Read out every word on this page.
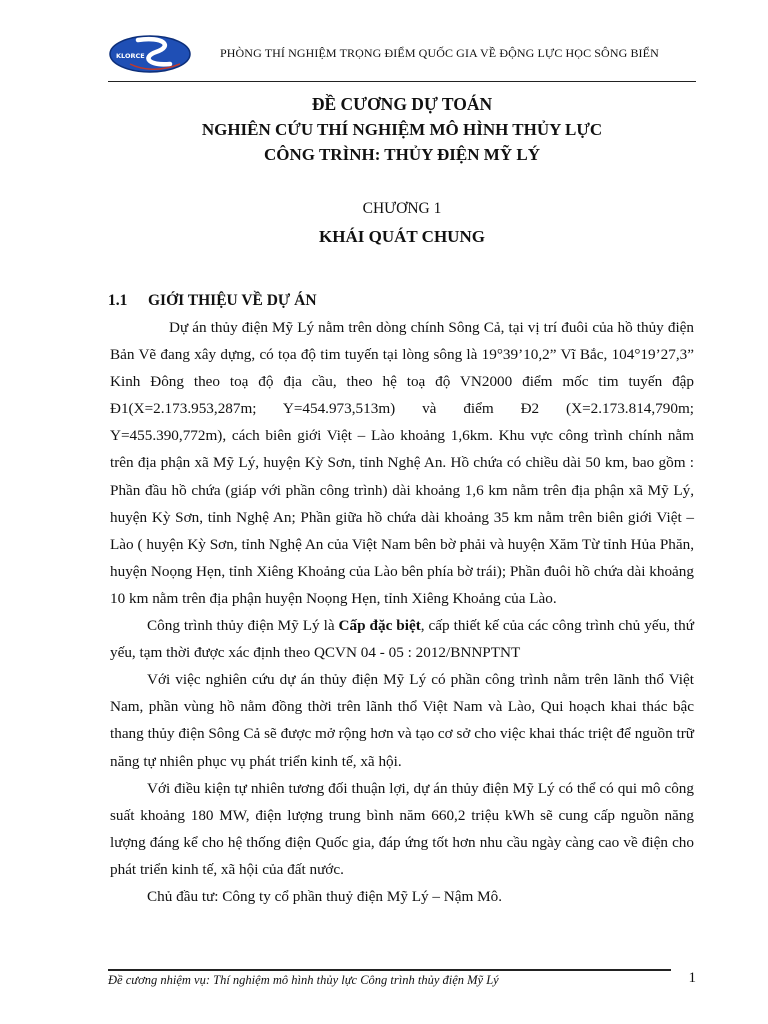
KLORCE	PHÒNG THÍ NGHIỆM TRỌNG ĐIỂM QUỐC GIA VỀ ĐỘNG LỰC HỌC SÔNG BIỂN
ĐỀ CƯƠNG DỰ TOÁN
NGHIÊN CỨU THÍ NGHIỆM MÔ HÌNH THỦY LỰC
CÔNG TRÌNH: THỦY ĐIỆN MỸ LÝ
CHƯƠNG 1
KHÁI QUÁT CHUNG
1.1 GIỚI THIỆU VỀ DỰ ÁN

Dự án thủy điện Mỹ Lý nằm trên dòng chính Sông Cả, tại vị trí đuôi của hồ thủy điện Bản Vẽ đang xây dựng, có tọa độ tim tuyến tại lòng sông là 19°39’10,2” Vĩ Bắc, 104°19’27,3” Kinh Đông theo toạ độ địa cầu, theo hệ toạ độ VN2000 điểm mốc tim tuyến đập Đ1(X=2.173.953,287m; Y=454.973,513m) và điểm Đ2 (X=2.173.814,790m; Y=455.390,772m), cách biên giới Việt – Lào khoảng 1,6km. Khu vực công trình chính nằm trên địa phận xã Mỹ Lý, huyện Kỳ Sơn, tỉnh Nghệ An. Hồ chứa có chiều dài 50 km, bao gồm : Phần đầu hồ chứa (giáp với phần công trình) dài khoảng 1,6 km nằm trên địa phận xã Mỹ Lý, huyện Kỳ Sơn, tỉnh Nghệ An; Phần giữa hồ chứa dài khoảng 35 km nằm trên biên giới Việt – Lào ( huyện Kỳ Sơn, tỉnh Nghệ An của Việt Nam bên bờ phải và huyện Xăm Từ tỉnh Hủa Phăn, huyện Noọng Hẹn, tỉnh Xiêng Khoảng của Lào bên phía bờ trái); Phần đuôi hồ chứa dài khoảng 10 km nằm trên địa phận huyện Noọng Hẹn, tỉnh Xiêng Khoảng của Lào.

Công trình thủy điện Mỹ Lý là Cấp đặc biệt, cấp thiết kế của các công trình chủ yếu, thứ yếu, tạm thời được xác định theo QCVN 04 - 05 : 2012/BNNPTNT

Với việc nghiên cứu dự án thủy điện Mỹ Lý có phần công trình nằm trên lãnh thổ Việt Nam, phần vùng hồ nằm đồng thời trên lãnh thổ Việt Nam và Lào, Qui hoạch khai thác bậc thang thủy điện Sông Cả sẽ được mở rộng hơn và tạo cơ sở cho việc khai thác triệt để nguồn trữ năng tự nhiên phục vụ phát triển kinh tế, xã hội.

Với điều kiện tự nhiên tương đối thuận lợi, dự án thủy điện Mỹ Lý có thể có qui mô công suất khoảng 180 MW, điện lượng trung bình năm 660,2 triệu kWh sẽ cung cấp nguồn năng lượng đáng kể cho hệ thống điện Quốc gia, đáp ứng tốt hơn nhu cầu ngày càng cao về điện cho phát triển kinh tế, xã hội của đất nước.

Chủ đầu tư: Công ty cổ phần thuỷ điện Mỹ Lý – Nậm Mô.

Đề cương nhiệm vụ: Thí nghiệm mô hình thủy lực Công trình thủy điện Mỹ Lý	1
